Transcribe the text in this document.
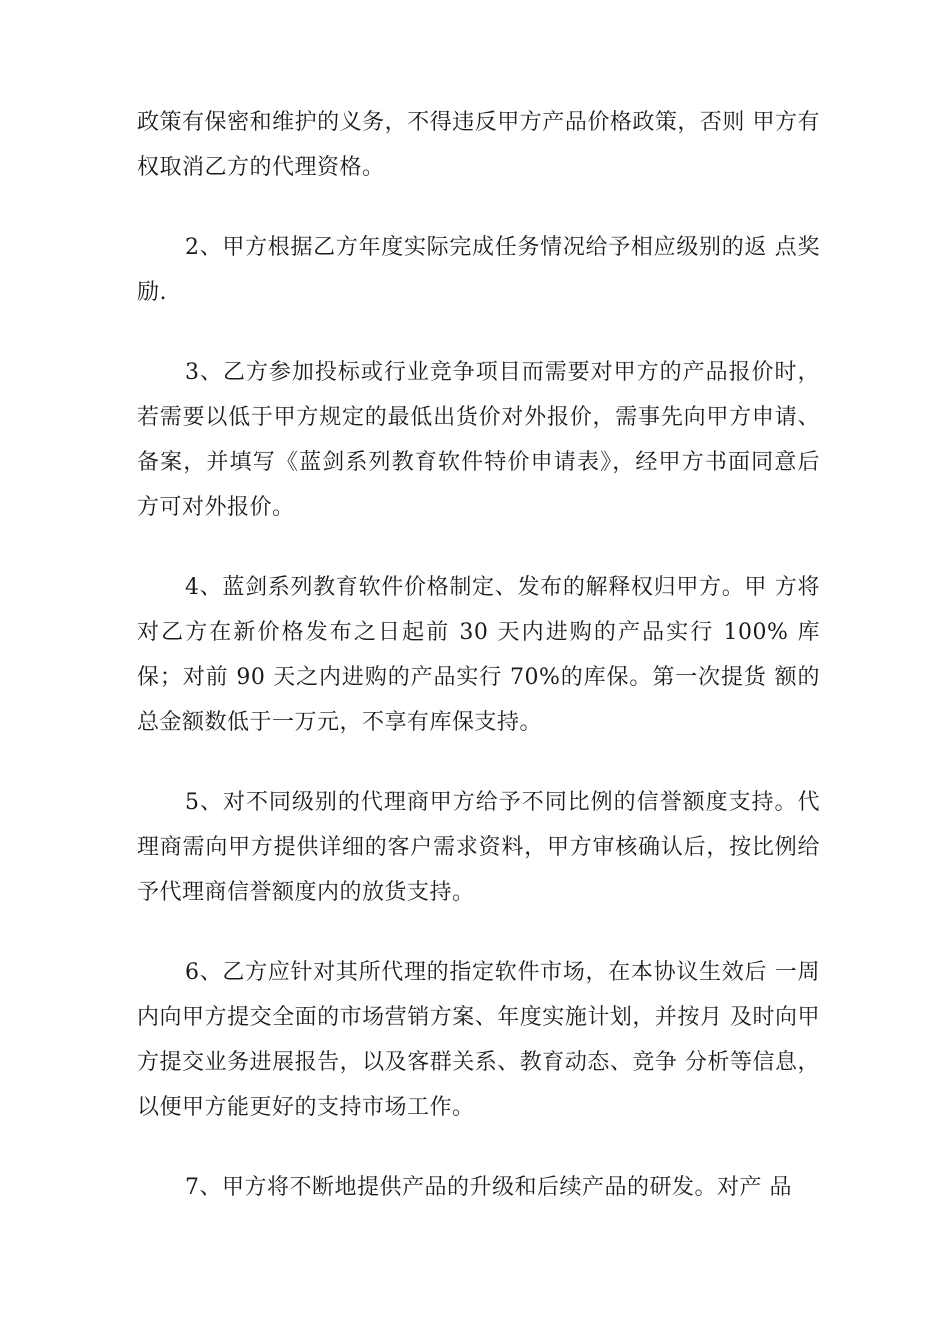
政策有保密和维护的义务，不得违反甲方产品价格政策，否则 甲方有权取消乙方的代理资格。

2、甲方根据乙方年度实际完成任务情况给予相应级别的返 点奖励.

3、乙方参加投标或行业竞争项目而需要对甲方的产品报价时，若需要以低于甲方规定的最低出货价对外报价，需事先向甲方申请、备案，并填写《蓝剑系列教育软件特价申请表》，经甲方书面同意后方可对外报价。

4、蓝剑系列教育软件价格制定、发布的解释权归甲方。甲 方将对乙方在新价格发布之日起前 30 天内进购的产品实行 100% 库保；对前 90 天之内进购的产品实行 70%的库保。第一次提货 额的总金额数低于一万元，不享有库保支持。

5、对不同级别的代理商甲方给予不同比例的信誉额度支持。代理商需向甲方提供详细的客户需求资料，甲方审核确认后，按比例给予代理商信誉额度内的放货支持。

6、乙方应针对其所代理的指定软件市场，在本协议生效后 一周内向甲方提交全面的市场营销方案、年度实施计划，并按月 及时向甲方提交业务进展报告，以及客群关系、教育动态、竞争 分析等信息，以便甲方能更好的支持市场工作。

7、甲方将不断地提供产品的升级和后续产品的研发。对产 品
